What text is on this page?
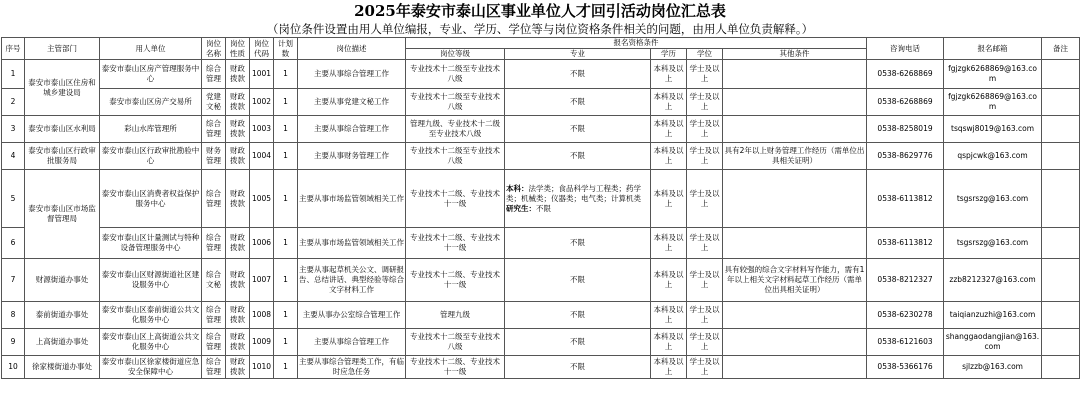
2025年泰安市泰山区事业单位人才回引活动岗位汇总表
（岗位条件设置由用人单位编报，专业、学历、学位等与岗位资格条件相关的问题，由用人单位负责解释。）
序号	主管部门	用人单位	岗位名称	岗位性质	岗位代码	计划数	岗位描述	报名资格条件					咨询电话	报名邮箱	备注
								岗位等级	专业	学历	学位	其他条件			
1	泰安市泰山区住房和城乡建设局	泰安市泰山区房产管理服务中心	综合管理	财政拨款	1001	1	主要从事综合管理工作	专业技术十二级至专业技术八级	不限	本科及以上	学士及以上		0538-6268869	fgjzgk6268869@163.com	
2		泰安市泰山区房产交易所	党建文秘	财政拨款	1002	1	主要从事党建文秘工作	专业技术十二级至专业技术八级	不限	本科及以上	学士及以上		0538-6268869	fgjzgk6268869@163.com	
3	泰安市泰山区水利局	彩山水库管理所	综合管理	财政拨款	1003	1	主要从事综合管理工作	管理九级、专业技术十二级至专业技术八级	不限	本科及以上	学士及以上		0538-8258019	tsqswj8019@163.com	
4	泰安市泰山区行政审批服务局	泰安市泰山区行政审批勘验中心	财务管理	财政拨款	1004	1	主要从事财务管理工作	专业技术十二级至专业技术八级	不限	本科及以上	学士及以上	具有2年以上财务管理工作经历（需单位出具相关证明）	0538-8629776	qspjcwk@163.com	
5	泰安市泰山区市场监督管理局	泰安市泰山区消费者权益保护服务中心	综合管理	财政拨款	1005	1	主要从事市场监管领域相关工作	专业技术十二级、专业技术十一级	本科：法学类；食品科学与工程类；药学类；机械类；仪器类；电气类；计算机类
研究生：不限	本科及以上	学士及以上		0538-6113812	tsgsrszg@163.com	
6		泰安市泰山区计量测试与特种设备管理服务中心	综合管理	财政拨款	1006	1	主要从事市场监管领域相关工作	专业技术十二级、专业技术十一级	不限	本科及以上	学士及以上		0538-6113812	tsgsrszg@163.com	
7	财源街道办事处	泰安市泰山区财源街道社区建设服务中心	综合文秘	财政拨款	1007	1	主要从事起草机关公文、调研报告、总结讲话、典型经验等综合文字材料工作	专业技术十二级、专业技术十一级	不限	本科及以上	学士及以上	具有较强的综合文字材料写作能力，需有1年以上相关文字材料起草工作经历（需单位出具相关证明）	0538-8212327	zzb8212327@163.com	
8	泰前街道办事处	泰安市泰山区泰前街道公共文化服务中心	综合管理	财政拨款	1008	1	主要从事办公室综合管理工作	管理九级	不限	本科及以上	学士及以上		0538-6230278	taiqianzuzhi@163.com	
9	上高街道办事处	泰安市泰山区上高街道公共文化服务中心	综合管理	财政拨款	1009	1	主要从事综合管理工作	专业技术十二级至专业技术八级	不限	本科及以上	学士及以上		0538-6121603	shanggaodangjian@163.com	
10	徐家楼街道办事处	泰安市泰山区徐家楼街道应急安全保障中心	综合管理	财政拨款	1010	1	主要从事综合管理类工作，有临时应急任务	专业技术十二级、专业技术十一级	不限	本科及以上	学士及以上		0538-5366176	sjlzzb@163.com	
